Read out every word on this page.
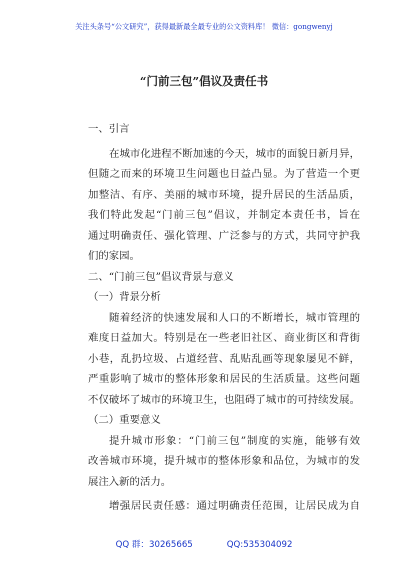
关注头条号“公文研究”，获得最新最全最专业的公文资料库！ 微信：gongwenyj
“门前三包”倡议及责任书
一、引言
在城市化进程不断加速的今天，城市的面貌日新月异，
但随之而来的环境卫生问题也日益凸显。为了营造一个更
加整洁、有序、美丽的城市环境，提升居民的生活品质，
我们特此发起“门前三包”倡议，并制定本责任书，旨在
通过明确责任、强化管理、广泛参与的方式，共同守护我
们的家园。
二、“门前三包”倡议背景与意义
（一）背景分析
随着经济的快速发展和人口的不断增长，城市管理的
难度日益加大。特别是在一些老旧社区、商业街区和背街
小巷，乱扔垃圾、占道经营、乱贴乱画等现象屡见不鲜，
严重影响了城市的整体形象和居民的生活质量。这些问题
不仅破坏了城市的环境卫生，也阻碍了城市的可持续发展。
（二）重要意义
提升城市形象：“门前三包”制度的实施，能够有效
改善城市环境，提升城市的整体形象和品位，为城市的发
展注入新的活力。
增强居民责任感：通过明确责任范围，让居民成为自
QQ 群：30265665	QQ:535304092
